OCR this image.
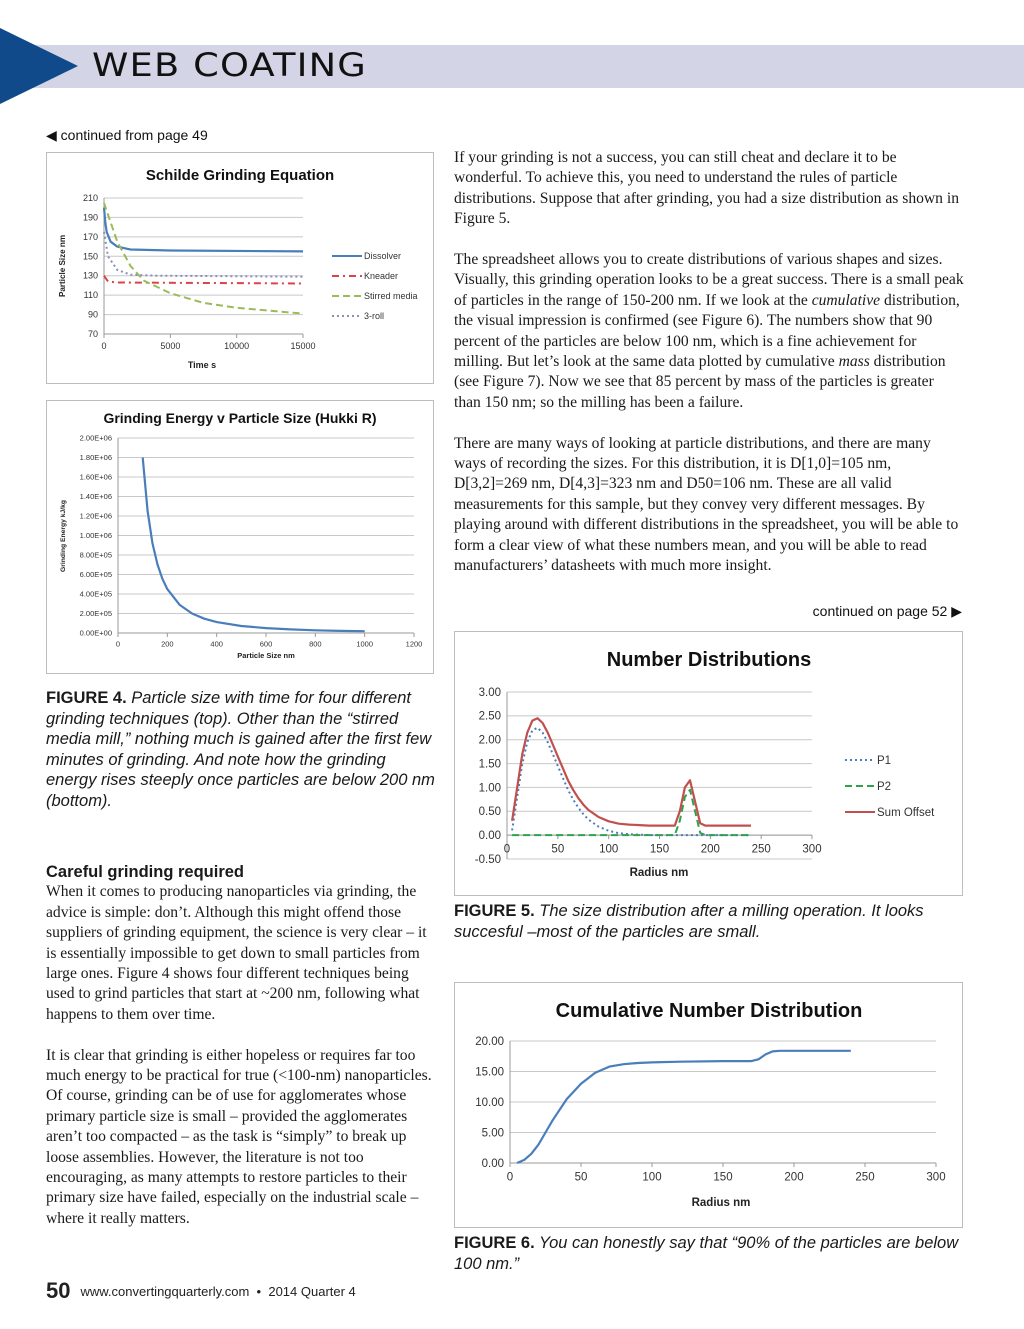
WEB COATING
◀ continued from page 49
Schilde Grinding Equation
70
90
110
130
150
170
190
210
0	5000	10000	15000
Time s
Particle Size nm	Dissolver
Kneader
Stirred media
3-roll
Grinding Energy v Particle Size (Hukki R)
0.00E+00
2.00E+05
4.00E+05
6.00E+05
8.00E+05
1.00E+06
1.20E+06
1.40E+06
1.60E+06
1.80E+06
2.00E+06
0	200	400	600	800	1000	1200
Particle Size nm
Grinding Energy kJ/kg
FIGURE 4. Particle size with time for four different grinding techniques (top). Other than the “stirred media mill,” nothing much is gained after the first few minutes of grinding. And note how the grinding energy rises steeply once particles are below 200 nm (bottom).
Careful grinding required

When it comes to producing nanoparticles via grinding, the advice is simple: don’t. Although this might offend those suppliers of grinding equipment, the science is very clear – it is essentially impossible to get down to small particles from large ones. Figure 4 shows four different techniques being used to grind particles that start at ~200 nm, following what happens to them over time.

It is clear that grinding is either hopeless or requires far too much energy to be practical for true (<100-nm) nanoparticles. Of course, grinding can be of use for agglomerates whose primary particle size is small – provided the agglomerates aren’t too compacted – as the task is “simply” to break up loose assemblies. However, the literature is not too encouraging, as many attempts to restore particles to their primary size have failed, especially on the industrial scale – where it really matters.

If your grinding is not a success, you can still cheat and declare it to be wonderful. To achieve this, you need to understand the rules of particle distributions. Suppose that after grinding, you had a size distribution as shown in Figure 5.

The spreadsheet allows you to create distributions of various shapes and sizes. Visually, this grinding operation looks to be a great success. There is a small peak of particles in the range of 150-200 nm. If we look at the cumulative distribution, the visual impression is confirmed (see Figure 6). The numbers show that 90 percent of the particles are below 100 nm, which is a fine achievement for milling. But let’s look at the same data plotted by cumulative mass distribution (see Figure 7). Now we see that 85 percent by mass of the particles is greater than 150 nm; so the milling has been a failure.

There are many ways of looking at particle distributions, and there are many ways of recording the sizes. For this distribution, it is D[1,0]=105 nm, D[3,2]=269 nm, D[4,3]=323 nm and D50=106 nm. These are all valid measurements for this sample, but they convey very different messages. By playing around with different distributions in the spreadsheet, you will be able to form a clear view of what these numbers mean, and you will be able to read manufacturers’ datasheets with much more insight.

continued on page 52 ▶
Number Distributions
-0.50
0.00
0.50
1.00
1.50
2.00
2.50
3.00
0	50	100	150	200	250	300
Radius nm
P1
P2
Sum Offset
FIGURE 5. The size distribution after a milling operation. It looks succesful –most of the particles are small.
Cumulative Number Distribution
0.00
5.00
10.00
15.00
20.00
0	50	100	150	200	250	300
Radius nm
FIGURE 6. You can honestly say that “90% of the particles are below 100 nm.”
50 www.convertingquarterly.com • 2014 Quarter 4
